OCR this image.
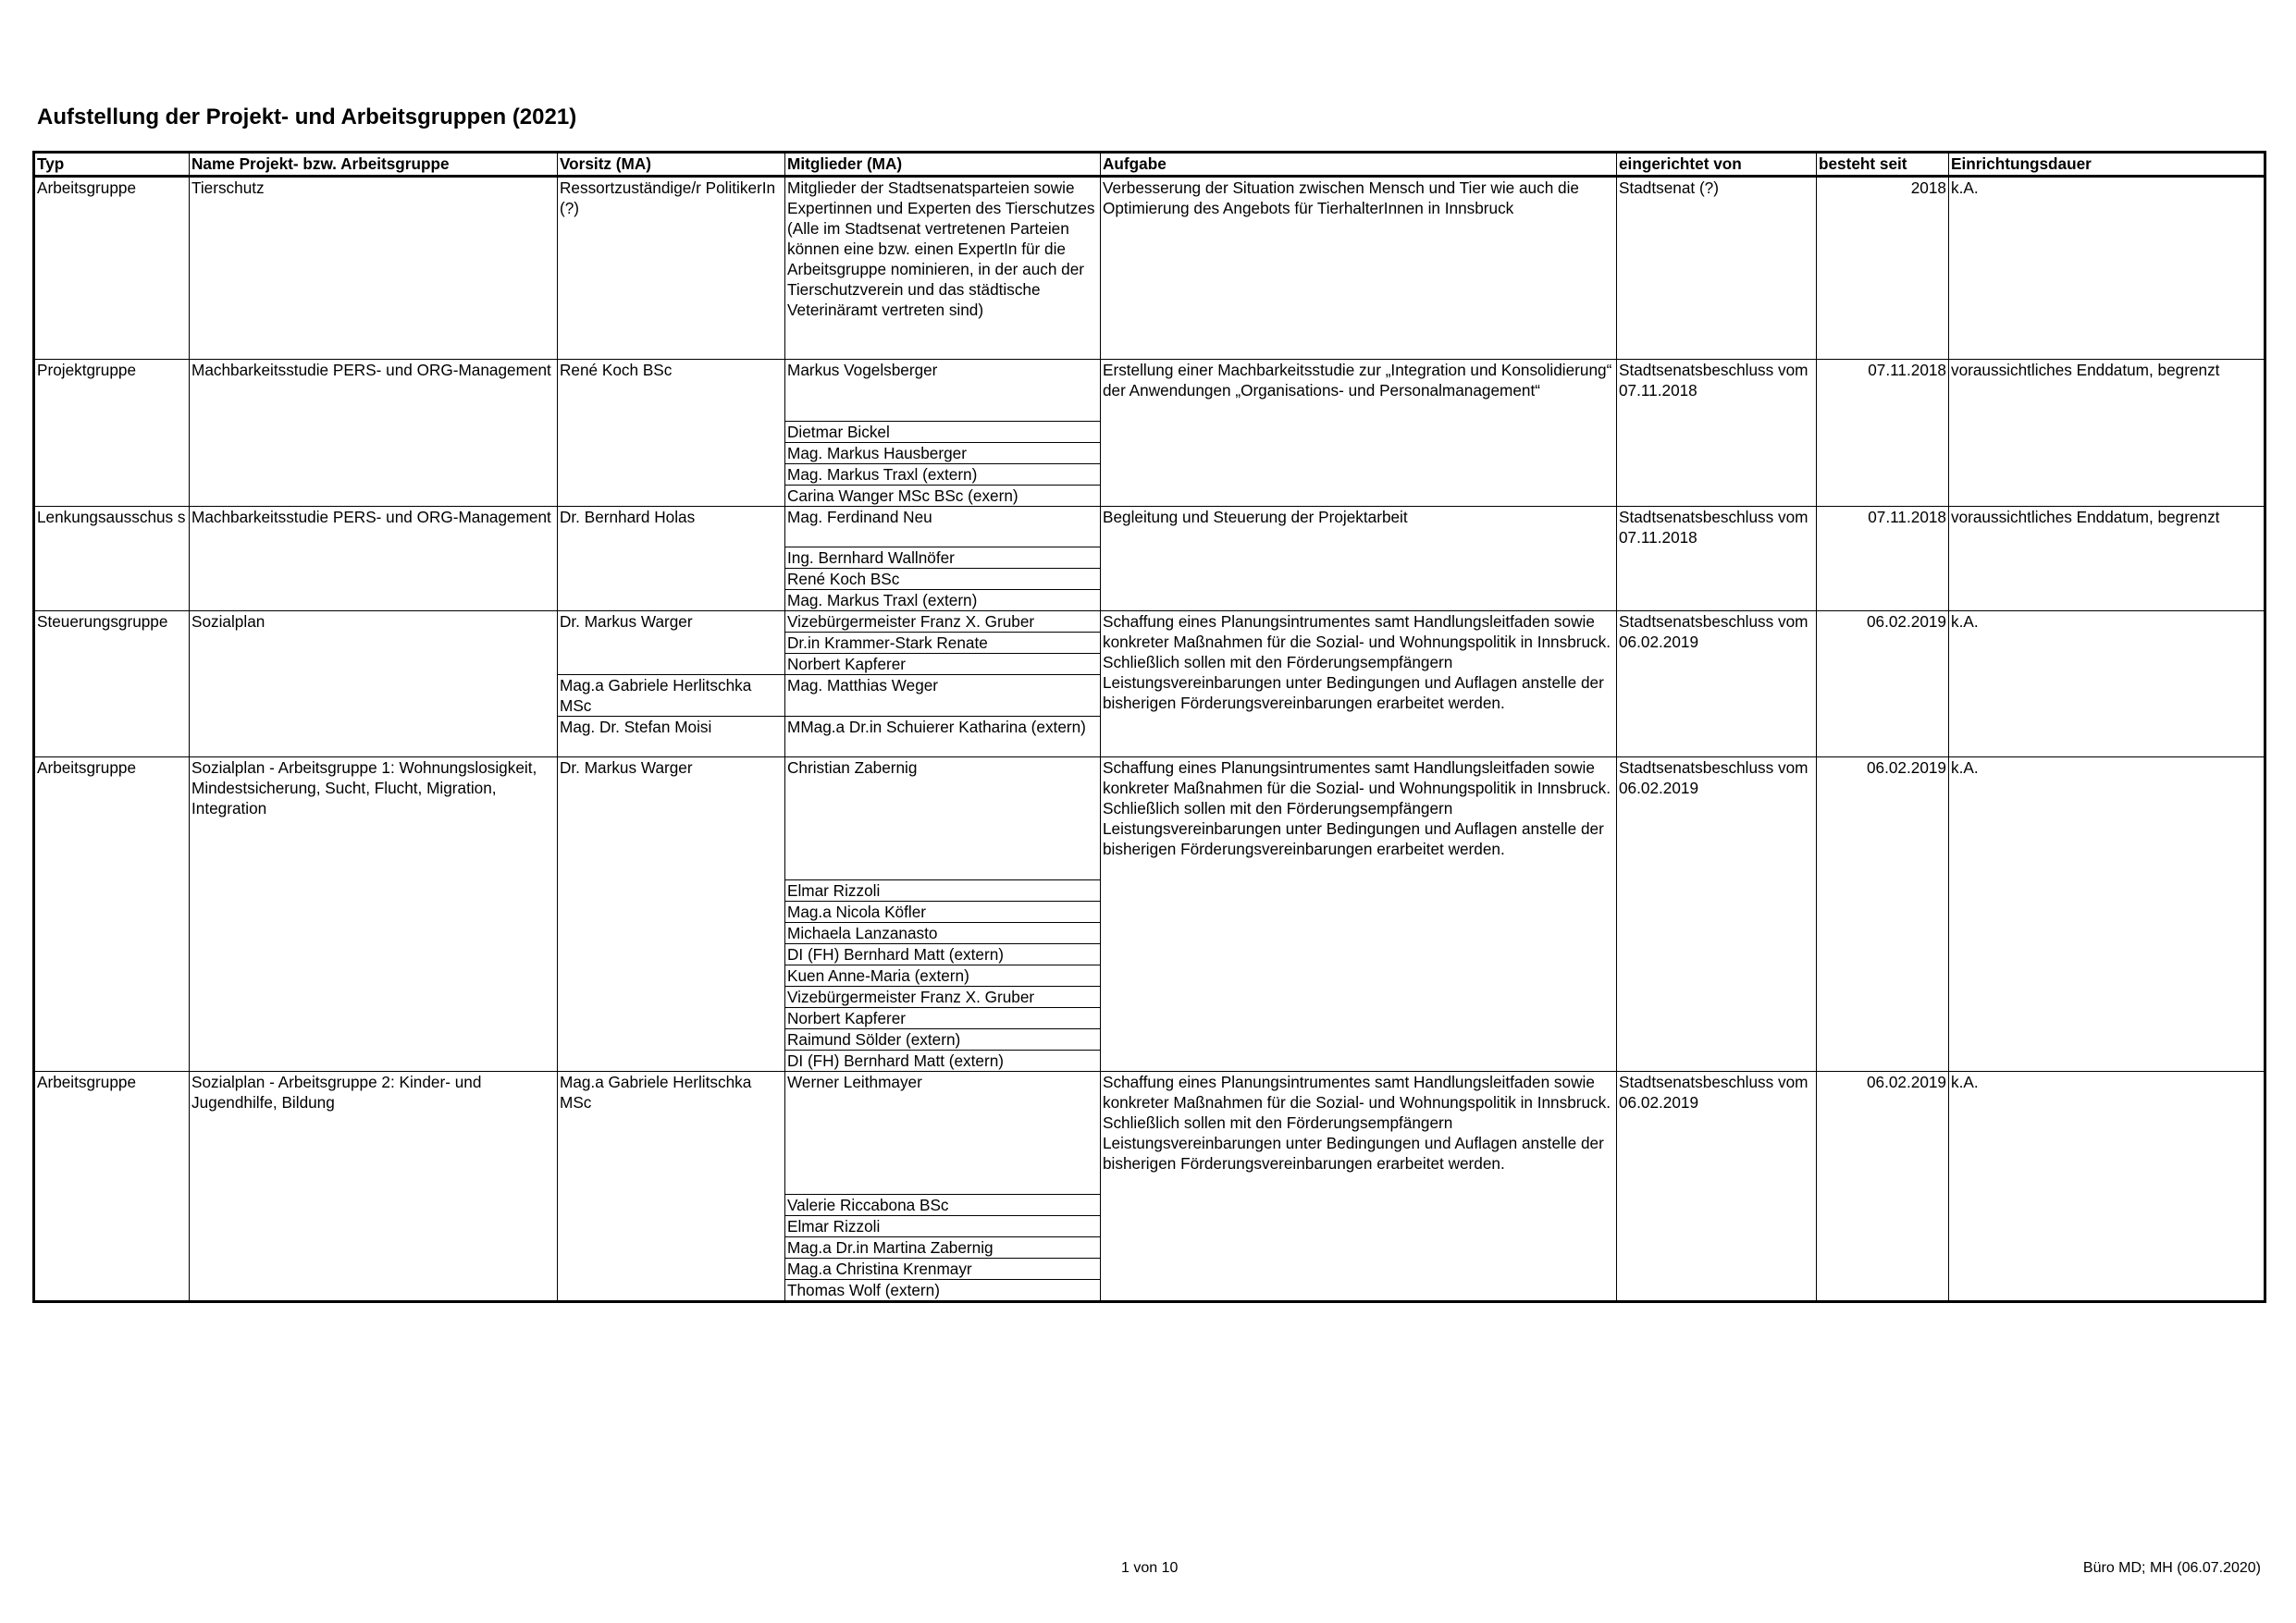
Aufstellung der Projekt- und Arbeitsgruppen (2021)
Typ	Name Projekt- bzw. Arbeitsgruppe	Vorsitz (MA)	Mitglieder (MA)	Aufgabe	eingerichtet von	besteht seit	Einrichtungsdauer
Arbeitsgruppe	Tierschutz	Ressortzuständige/r PolitikerIn (?)	Mitglieder der Stadtsenatsparteien sowie Expertinnen und Experten des Tierschutzes (Alle im Stadtsenat vertretenen Parteien können eine bzw. einen ExpertIn für die Arbeitsgruppe nominieren, in der auch der Tierschutzverein und das städtische Veterinäramt vertreten sind)	Verbesserung der Situation zwischen Mensch und Tier wie auch die Optimierung des Angebots für TierhalterInnen in Innsbruck	Stadtsenat (?)	2018	k.A.
Projektgruppe	Machbarkeitsstudie PERS- und ORG-Management	René Koch BSc	Markus Vogelsberger	Erstellung einer Machbarkeitsstudie zur „Integration und Konsolidierung“ der Anwendungen „Organisations- und Personalmanagement“	Stadtsenatsbeschluss vom 07.11.2018	07.11.2018	voraussichtliches Enddatum, begrenzt
			Dietmar Bickel				
			Mag. Markus Hausberger				
			Mag. Markus Traxl (extern)				
			Carina Wanger MSc BSc (exern)				
Lenkungsausschus s	Machbarkeitsstudie PERS- und ORG-Management	Dr. Bernhard Holas	Mag. Ferdinand Neu	Begleitung und Steuerung der Projektarbeit	Stadtsenatsbeschluss vom 07.11.2018	07.11.2018	voraussichtliches Enddatum, begrenzt
			Ing. Bernhard Wallnöfer				
			René Koch BSc				
			Mag. Markus Traxl (extern)				
Steuerungsgruppe	Sozialplan	Dr. Markus Warger	Vizebürgermeister Franz X. Gruber	Schaffung eines Planungsintrumentes samt Handlungsleitfaden sowie konkreter Maßnahmen für die Sozial- und Wohnungspolitik in Innsbruck. Schließlich sollen mit den Förderungsempfängern Leistungsvereinbarungen unter Bedingungen und Auflagen anstelle der bisherigen Förderungsvereinbarungen erarbeitet werden.	Stadtsenatsbeschluss vom 06.02.2019	06.02.2019	k.A.
			Dr.in Krammer-Stark Renate				
			Norbert Kapferer				
		Mag.a Gabriele Herlitschka MSc	Mag. Matthias Weger				
		Mag. Dr. Stefan Moisi	MMag.a Dr.in Schuierer Katharina (extern)				
Arbeitsgruppe	Sozialplan - Arbeitsgruppe 1: Wohnungslosigkeit, Mindestsicherung, Sucht, Flucht, Migration, Integration	Dr. Markus Warger	Christian Zabernig	Schaffung eines Planungsintrumentes samt Handlungsleitfaden sowie konkreter Maßnahmen für die Sozial- und Wohnungspolitik in Innsbruck. Schließlich sollen mit den Förderungsempfängern Leistungsvereinbarungen unter Bedingungen und Auflagen anstelle der bisherigen Förderungsvereinbarungen erarbeitet werden.	Stadtsenatsbeschluss vom 06.02.2019	06.02.2019	k.A.
			Elmar Rizzoli				
			Mag.a Nicola Köfler				
			Michaela Lanzanasto				
			DI (FH) Bernhard Matt (extern)				
			Kuen Anne-Maria (extern)				
			Vizebürgermeister Franz X. Gruber				
			Norbert Kapferer				
			Raimund Sölder (extern)				
			DI (FH) Bernhard Matt (extern)				
Arbeitsgruppe	Sozialplan - Arbeitsgruppe 2: Kinder- und Jugendhilfe, Bildung	Mag.a Gabriele Herlitschka MSc	Werner Leithmayer	Schaffung eines Planungsintrumentes samt Handlungsleitfaden sowie konkreter Maßnahmen für die Sozial- und Wohnungspolitik in Innsbruck. Schließlich sollen mit den Förderungsempfängern Leistungsvereinbarungen unter Bedingungen und Auflagen anstelle der bisherigen Förderungsvereinbarungen erarbeitet werden.	Stadtsenatsbeschluss vom 06.02.2019	06.02.2019	k.A.
			Valerie Riccabona BSc				
			Elmar Rizzoli				
			Mag.a Dr.in Martina Zabernig				
			Mag.a Christina Krenmayr				
			Thomas Wolf (extern)				
1 von 10	Büro MD; MH (06.07.2020)
